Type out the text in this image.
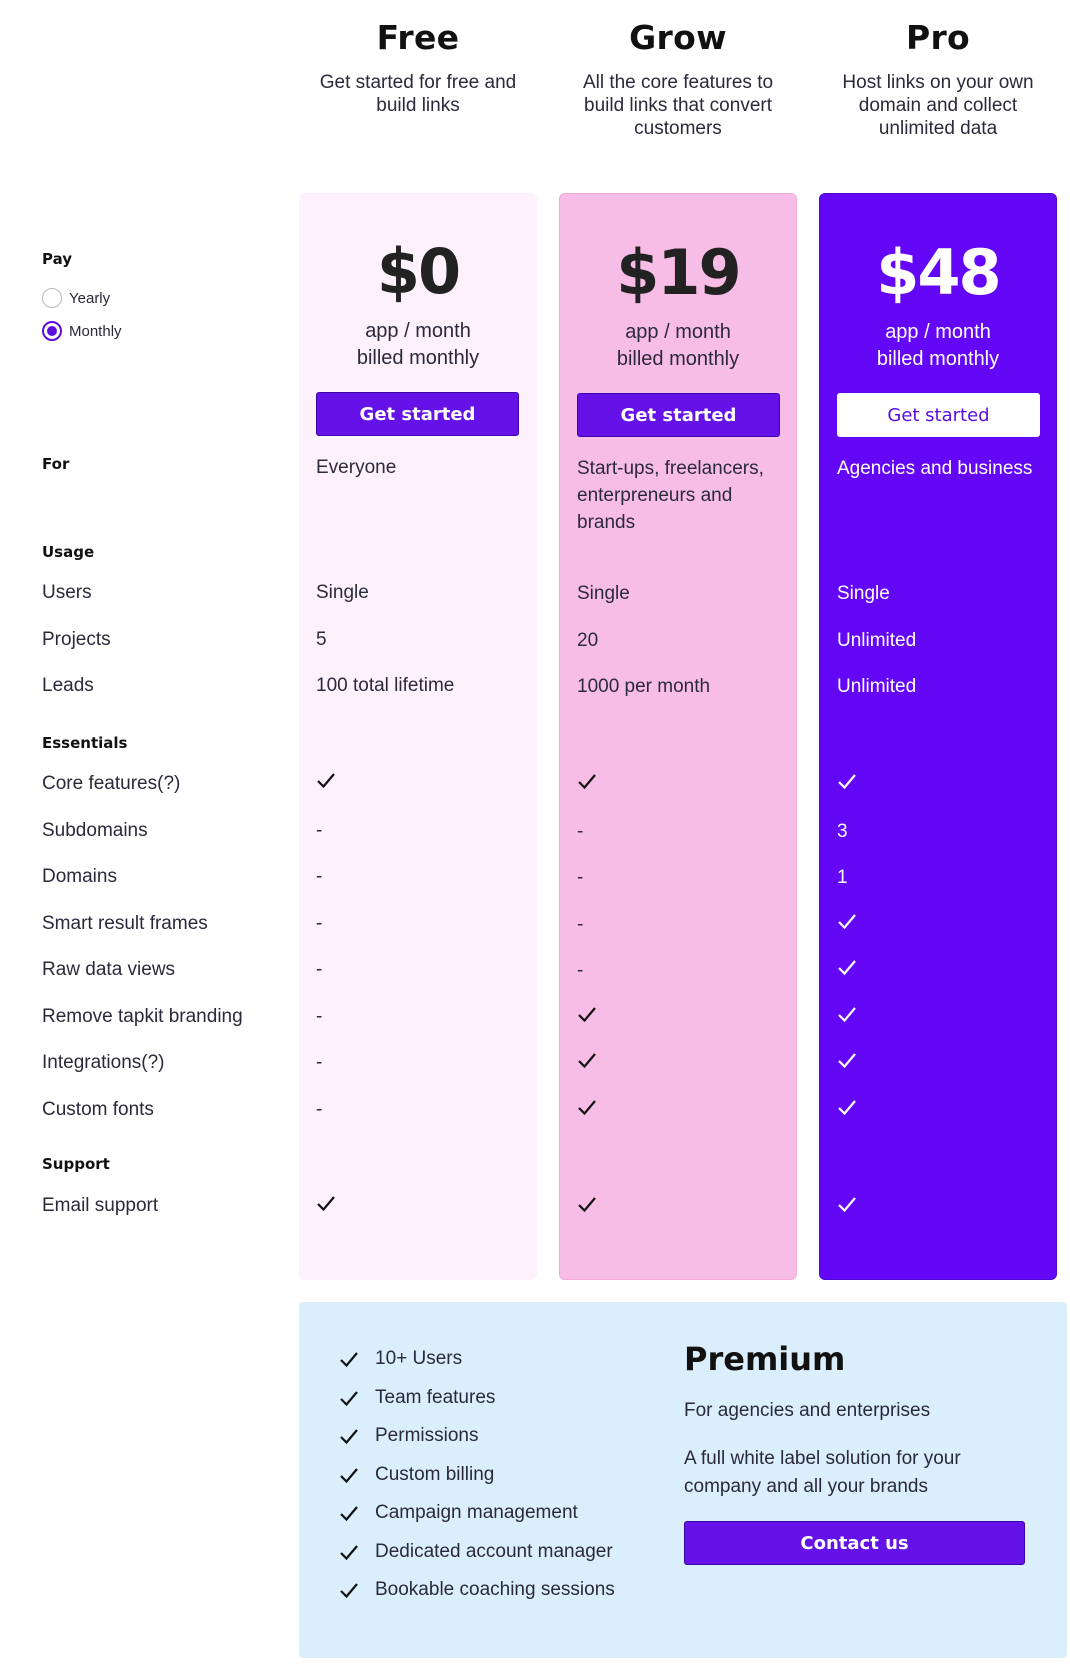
Free
Get started for free and build links
Grow
All the core features to build links that convert customers
Pro
Host links on your own domain and collect unlimited data
Pay
Yearly
Monthly
For
Usage
Users
Projects
Leads
Essentials
Core features(?)
Subdomains
Domains
Smart result frames
Raw data views
Remove tapkit branding
Integrations(?)
Custom fonts
Support
Email support
$0
app / month
billed monthly
Get started
Everyone
Single
5
100 total lifetime
-
-
-
-
-
-
-
$19
app / month
billed monthly
Get started
Start-ups, freelancers, enterpreneurs and brands
Single
20
1000 per month
-
-
-
-
$48
app / month
billed monthly
Get started
Agencies and business
Single
Unlimited
Unlimited
3
1
10+ Users
Team features
Permissions
Custom billing
Campaign management
Dedicated account manager
Bookable coaching sessions
Premium
For agencies and enterprises
A full white label solution for your company and all your brands
Contact us
